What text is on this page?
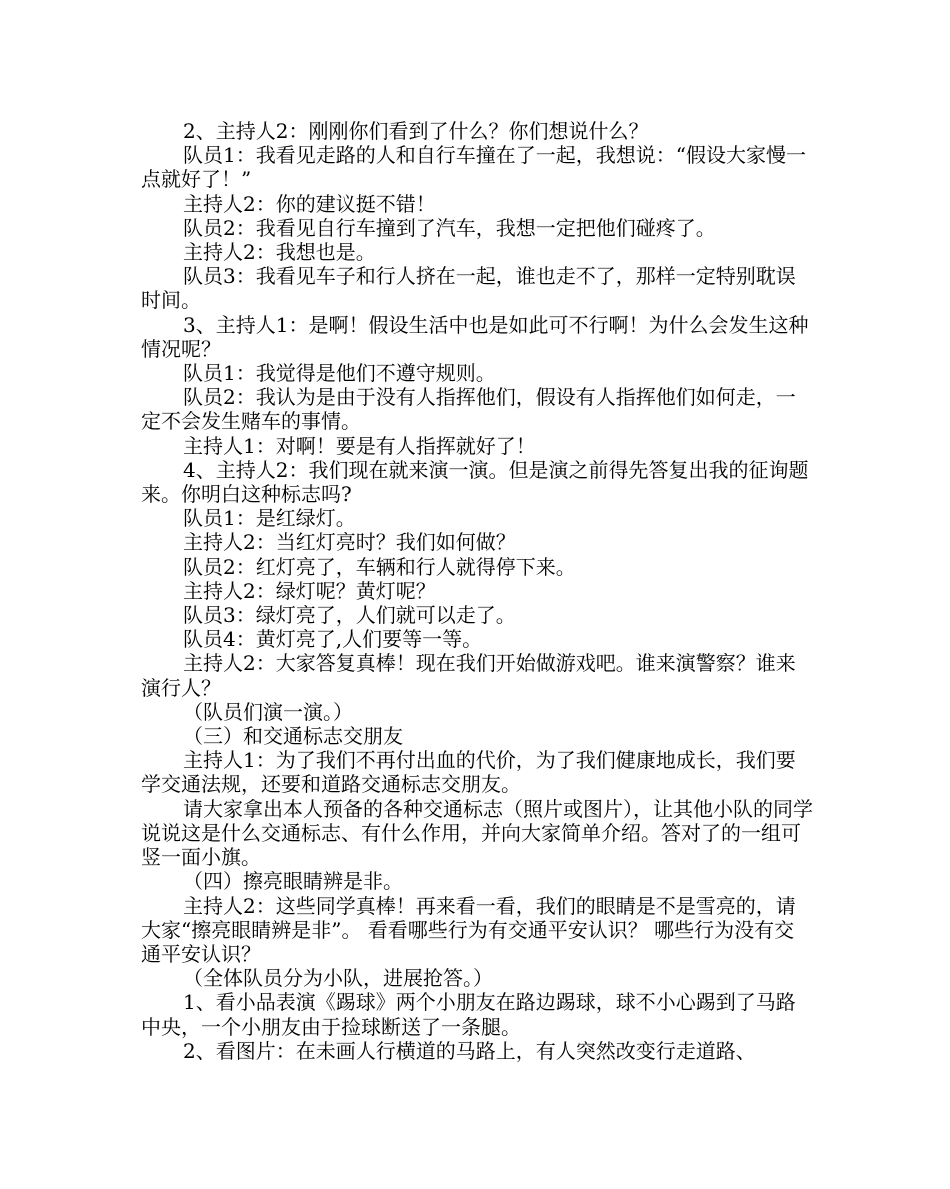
2、主持人2：刚刚你们看到了什么？你们想说什么？

队员1：我看见走路的人和自行车撞在了一起，我想说：“假设大家慢一点就好了！”

主持人2：你的建议挺不错！

队员2：我看见自行车撞到了汽车，我想一定把他们碰疼了。

主持人2：我想也是。

队员3：我看见车子和行人挤在一起，谁也走不了，那样一定特别耽误时间。

3、主持人1：是啊！假设生活中也是如此可不行啊！为什么会发生这种情况呢？

队员1：我觉得是他们不遵守规则。

队员2：我认为是由于没有人指挥他们，假设有人指挥他们如何走，一定不会发生赌车的事情。

主持人1：对啊！要是有人指挥就好了！

4、主持人2：我们现在就来演一演。但是演之前得先答复出我的征询题来。你明白这种标志吗?

队员1：是红绿灯。

主持人2：当红灯亮时？我们如何做？

队员2：红灯亮了，车辆和行人就得停下来。

主持人2：绿灯呢？黄灯呢？

队员3：绿灯亮了，人们就可以走了。

队员4：黄灯亮了,人们要等一等。

主持人2：大家答复真棒！现在我们开始做游戏吧。谁来演警察？谁来演行人？

（队员们演一演。）

（三）和交通标志交朋友

主持人1：为了我们不再付出血的代价，为了我们健康地成长，我们要学交通法规，还要和道路交通标志交朋友。

请大家拿出本人预备的各种交通标志（照片或图片），让其他小队的同学说说这是什么交通标志、有什么作用，并向大家简单介绍。答对了的一组可竖一面小旗。

（四）擦亮眼睛辨是非。

主持人2：这些同学真棒！再来看一看，我们的眼睛是不是雪亮的，请大家“擦亮眼睛辨是非”。 看看哪些行为有交通平安认识？ 哪些行为没有交通平安认识？

（全体队员分为小队，进展抢答。）

1、看小品表演《踢球》两个小朋友在路边踢球，球不小心踢到了马路中央，一个小朋友由于捡球断送了一条腿。

2、看图片：在未画人行横道的马路上，有人突然改变行走道路、
